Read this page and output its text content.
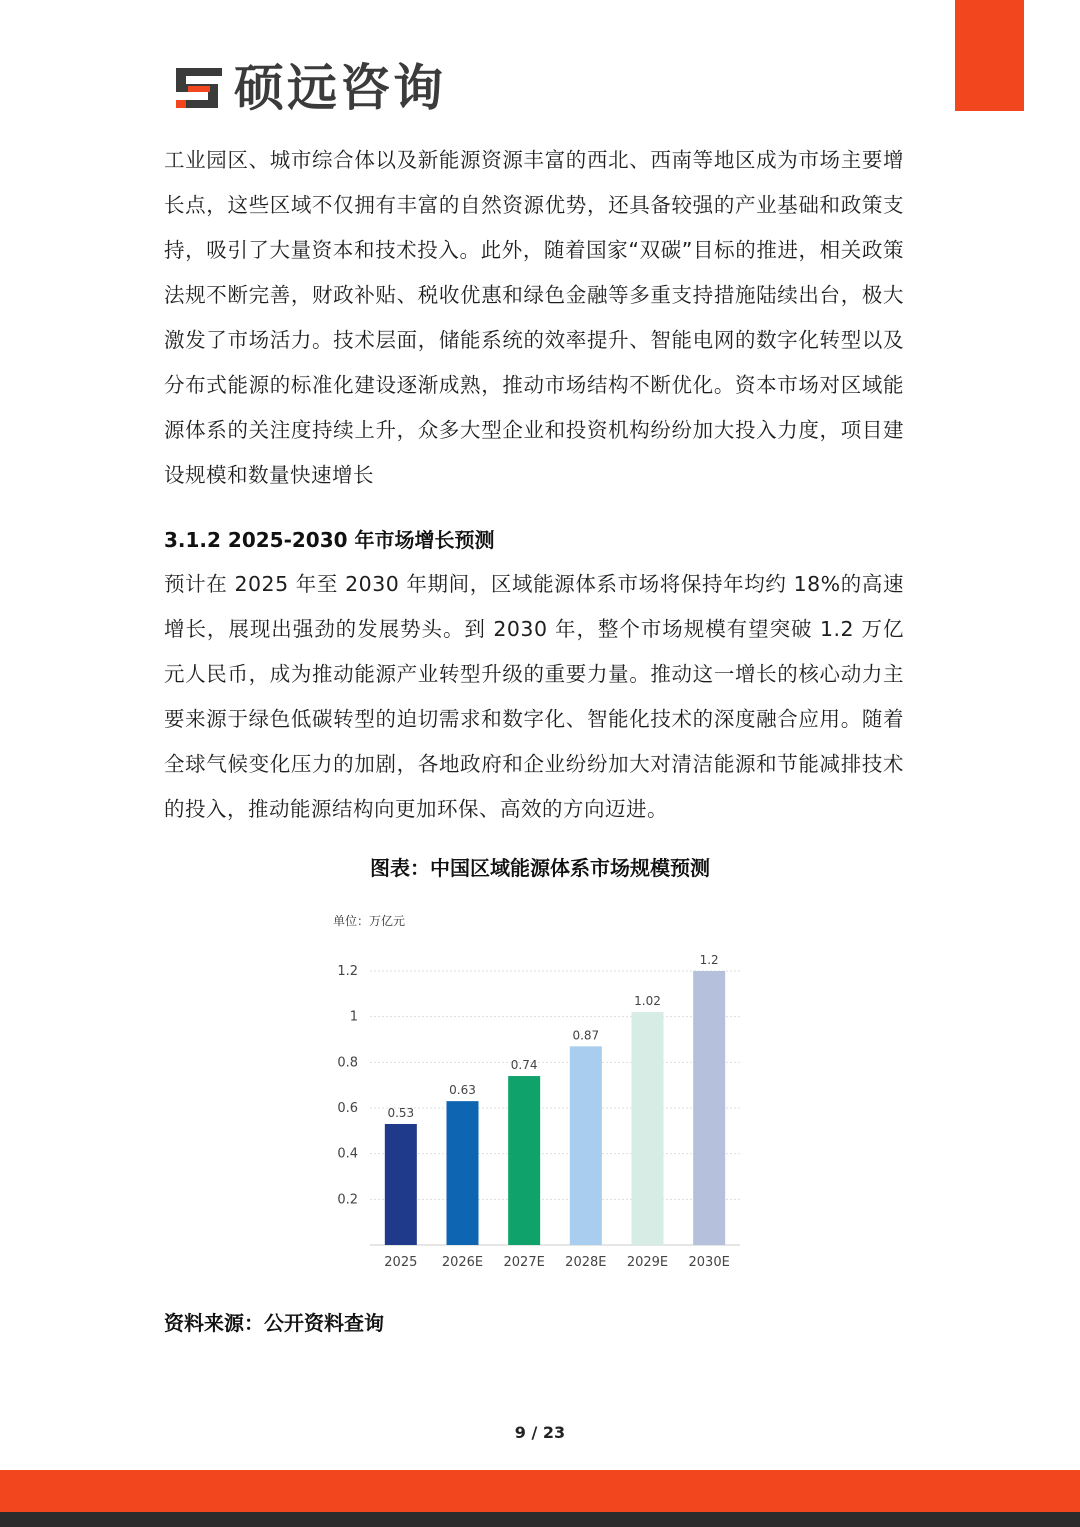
硕远咨询

工业园区、城市综合体以及新能源资源丰富的西北、西南等地区成为市场主要增长点，这些区域不仅拥有丰富的自然资源优势，还具备较强的产业基础和政策支持，吸引了大量资本和技术投入。此外，随着国家“双碳”目标的推进，相关政策法规不断完善，财政补贴、税收优惠和绿色金融等多重支持措施陆续出台，极大激发了市场活力。技术层面，储能系统的效率提升、智能电网的数字化转型以及分布式能源的标准化建设逐渐成熟，推动市场结构不断优化。资本市场对区域能源体系的关注度持续上升，众多大型企业和投资机构纷纷加大投入力度，项目建设规模和数量快速增长

3.1.2 2025-2030 年市场增长预测

预计在 2025 年至 2030 年期间，区域能源体系市场将保持年均约 18%的高速增长，展现出强劲的发展势头。到 2030 年，整个市场规模有望突破 1.2 万亿元人民币，成为推动能源产业转型升级的重要力量。推动这一增长的核心动力主要来源于绿色低碳转型的迫切需求和数字化、智能化技术的深度融合应用。随着全球气候变化压力的加剧，各地政府和企业纷纷加大对清洁能源和节能减排技术的投入，推动能源结构向更加环保、高效的方向迈进。

图表：中国区域能源体系市场规模预测
单位：万亿元
0.2
0.4
0.6
0.8
1
1.2
0.53
2025
0.63
2026E
0.74
2027E
0.87
2028E
1.02
2029E
1.2
2030E
资料来源：公开资料查询
9 / 23
